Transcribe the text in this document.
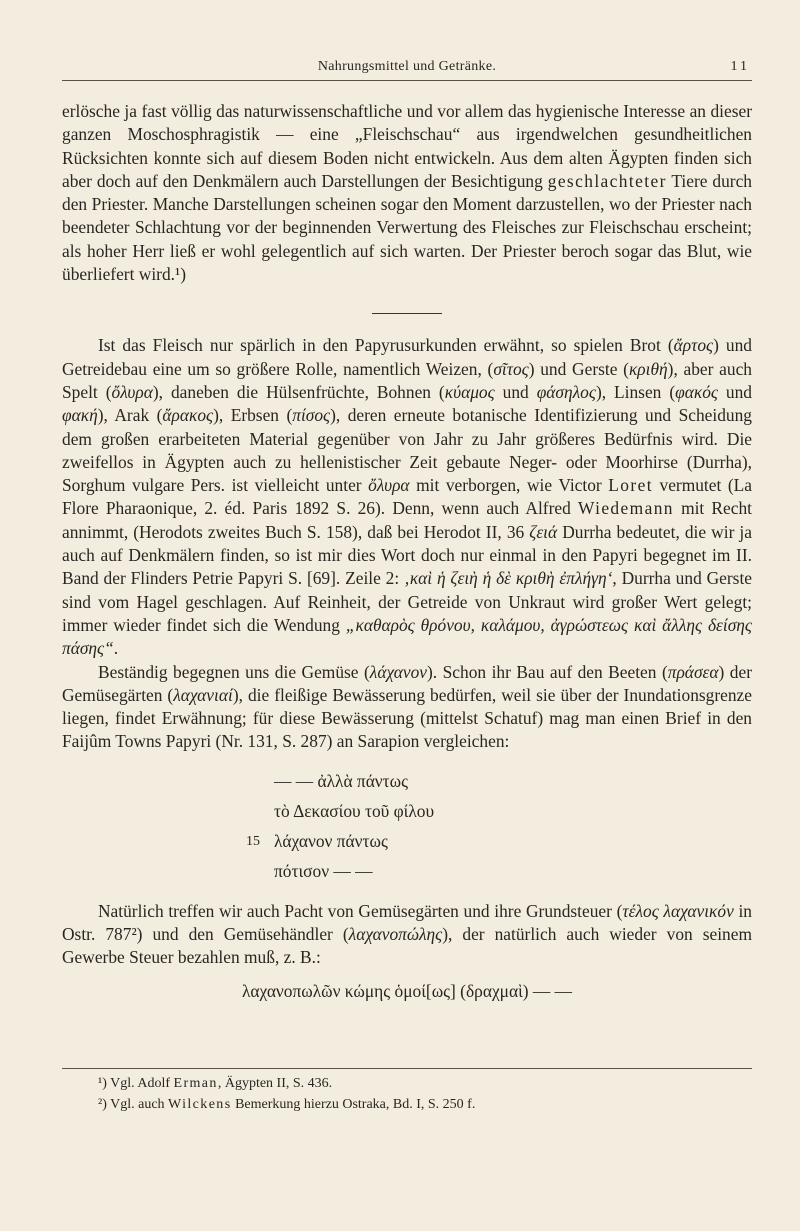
Nahrungsmittel und Getränke.	11

erlösche ja fast völlig das naturwissenschaftliche und vor allem das hygienische Interesse an dieser ganzen Moschosphragistik — eine „Fleischschau“ aus irgendwelchen gesundheitlichen Rücksichten konnte sich auf diesem Boden nicht entwickeln. Aus dem alten Ägypten finden sich aber doch auf den Denkmälern auch Darstellungen der Besichtigung geschlachteter Tiere durch den Priester. Manche Darstellungen scheinen sogar den Moment darzustellen, wo der Priester nach beendeter Schlachtung vor der beginnenden Verwertung des Fleisches zur Fleischschau erscheint; als hoher Herr ließ er wohl gelegentlich auf sich warten. Der Priester beroch sogar das Blut, wie überliefert wird.¹)

Ist das Fleisch nur spärlich in den Papyrusurkunden erwähnt, so spielen Brot (ἄρτος) und Getreidebau eine um so größere Rolle, namentlich Weizen, (σῖτος) und Gerste (κριθή), aber auch Spelt (ὄλυρα), daneben die Hülsenfrüchte, Bohnen (κύαμος und φάσηλος), Linsen (φακός und φακή), Arak (ἄρακος), Erbsen (πίσος), deren erneute botanische Identifizierung und Scheidung dem großen erarbeiteten Material gegenüber von Jahr zu Jahr größeres Bedürfnis wird. Die zweifellos in Ägypten auch zu hellenistischer Zeit gebaute Neger- oder Moorhirse (Durrha), Sorghum vulgare Pers. ist vielleicht unter ὄλυρα mit verborgen, wie Victor Loret vermutet (La Flore Pharaonique, 2. éd. Paris 1892 S. 26). Denn, wenn auch Alfred Wiedemann mit Recht annimmt, (Herodots zweites Buch S. 158), daß bei Herodot II, 36 ζειά Durrha bedeutet, die wir ja auch auf Denkmälern finden, so ist mir dies Wort doch nur einmal in den Papyri begegnet im II. Band der Flinders Petrie Papyri S. [69]. Zeile 2: ‚καὶ ἡ ζειὴ ἡ δὲ κριθὴ ἐπλήγη‘, Durrha und Gerste sind vom Hagel geschlagen. Auf Reinheit, der Getreide von Unkraut wird großer Wert gelegt; immer wieder findet sich die Wendung „καθαρὸς θρόνου, καλάμου, ἀγρώστεως καὶ ἄλλης δείσης πάσης“.

Beständig begegnen uns die Gemüse (λάχανον). Schon ihr Bau auf den Beeten (πράσεα) der Gemüsegärten (λαχανιαί), die fleißige Bewässerung bedürfen, weil sie über der Inundationsgrenze liegen, findet Erwähnung; für diese Bewässerung (mittelst Schatuf) mag man einen Brief in den Faijûm Towns Papyri (Nr. 131, S. 287) an Sarapion vergleichen:

— — ἀλλὰ πάντως
τὸ Δεκασίου τοῦ φίλου
15 λάχανον πάντως
πότισον — —

Natürlich treffen wir auch Pacht von Gemüsegärten und ihre Grundsteuer (τέλος λαχανικόν in Ostr. 787²) und den Gemüsehändler (λαχανοπώλης), der natürlich auch wieder von seinem Gewerbe Steuer bezahlen muß, z. B.:

λαχανοπωλῶν κώμης ὁμοί[ως] (δραχμαὶ) — —

¹) Vgl. Adolf Erman, Ägypten II, S. 436.

²) Vgl. auch Wilckens Bemerkung hierzu Ostraka, Bd. I, S. 250 f.
